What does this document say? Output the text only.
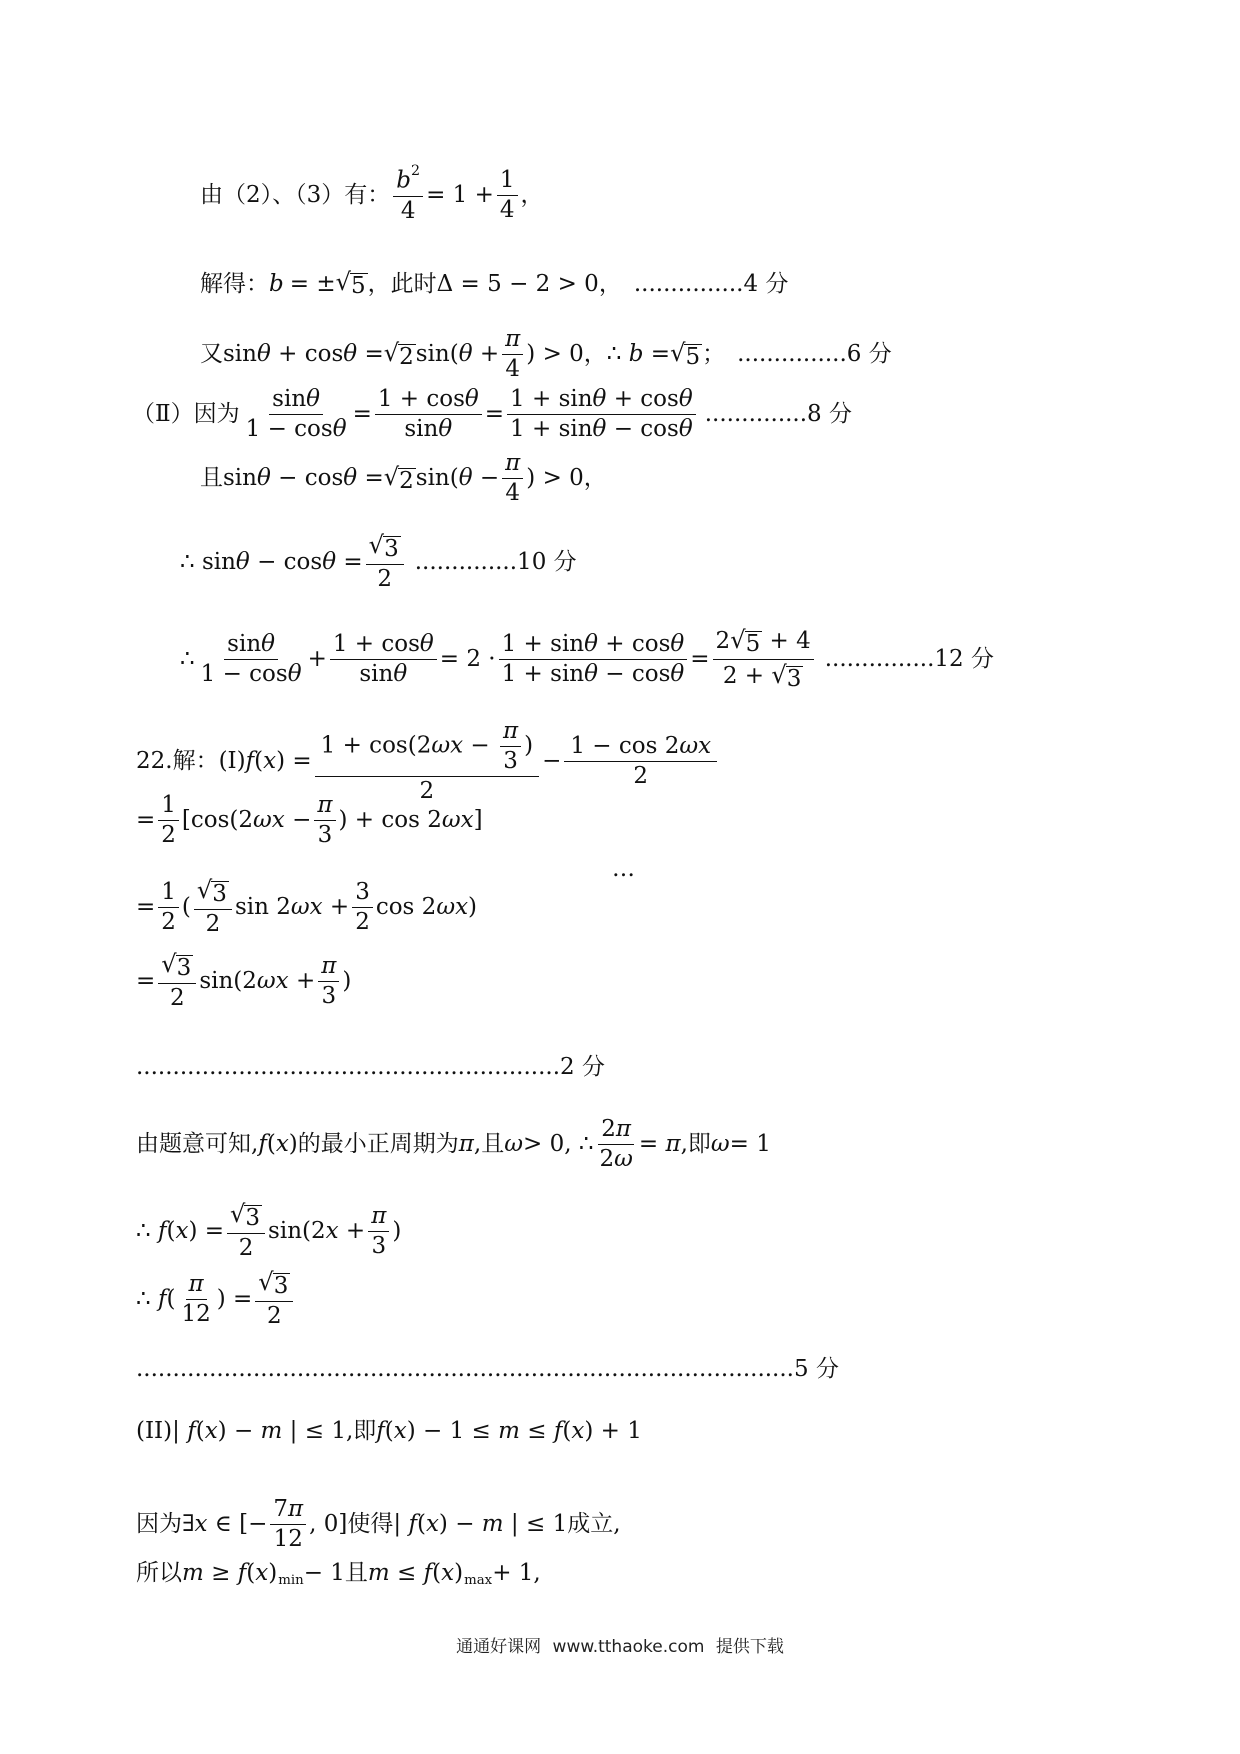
由（2）、（3）有： $\frac{b^2}{4} = 1 + \frac{1}{4}$ ，
解得： b = ± √ 5 ，此时 Δ = 5 − 2 > 0 ， ...............4 分
又 sinθ + cosθ = √ 2 $\sin(\theta + \frac{\pi}{4}$ ) > 0 ， ∴ b = √ 5 ； ...............6 分
（Ⅱ）因为 $\frac{\sin\theta}{1 - \cos\theta} = \frac{1 + \cos\theta}{\sin\theta} = \frac{1 + \sin\theta + \cos\theta}{1 + \sin\theta - \cos\theta} ..............8$ 分
且 sinθ − cosθ = √ 2 $\sin(\theta - \frac{\pi}{4}$ ) > 0 ，
∴ $\sin\theta - \cos\theta = \frac{√ 3}{2} ..............10$ 分
∴ $\frac{\sin\theta}{1 - \cos\theta} + \frac{1 + \cos\theta}{\sin\theta} = 2 \cdot \frac{1 + \sin\theta + \cos\theta}{1 + \sin\theta - \cos\theta} = \frac{2 √ 5 + 4}{2 + √ 3} ...............12$ 分
22.解：(Ⅰ) f $(x) = \frac{1 + \cos(2\omega x - \frac{\pi}{3} )}{2} - \frac{1 - \cos 2\omega x}{2}$
= $\frac{1}{2} [\cos(2\omega x - \frac{\pi}{3}$ ) + cos 2ωx]
…
= $\frac{1}{2}$ ( $\frac{√ 3}{2}$ $\sin 2\omega x + \frac{3}{2}$ cos 2ωx)
= $\frac{√ 3}{2} \sin(2\omega x + \frac{\pi}{3}$ )
..........................................................2 分
由题意可知, f (x) 的最小正周期为 π ,且 ω > 0, ∴ $\frac{2\pi}{2\omega} = \pi$ ,即 ω = 1
∴ $f(x) = \frac{√ 3}{2} \sin(2x + \frac{\pi}{3}$ )
∴ $f( \frac{\pi}{12}$ ) = $\frac{√ 3}{2}$
..........................................................................................5 分
(II) | f(x) − m | ≤ 1 ,即 f(x) − 1 ≤ m ≤ f(x) + 1
因为 ∃x ∈ [− $\frac{7\pi}{12}$ , 0] 使得 | f(x) − m | ≤ 1 成立,
所以 m ≥ f(x) min − 1 且 m ≤ f(x) max + 1 ,
通通好课网 www.tthaoke.com 提供下载
